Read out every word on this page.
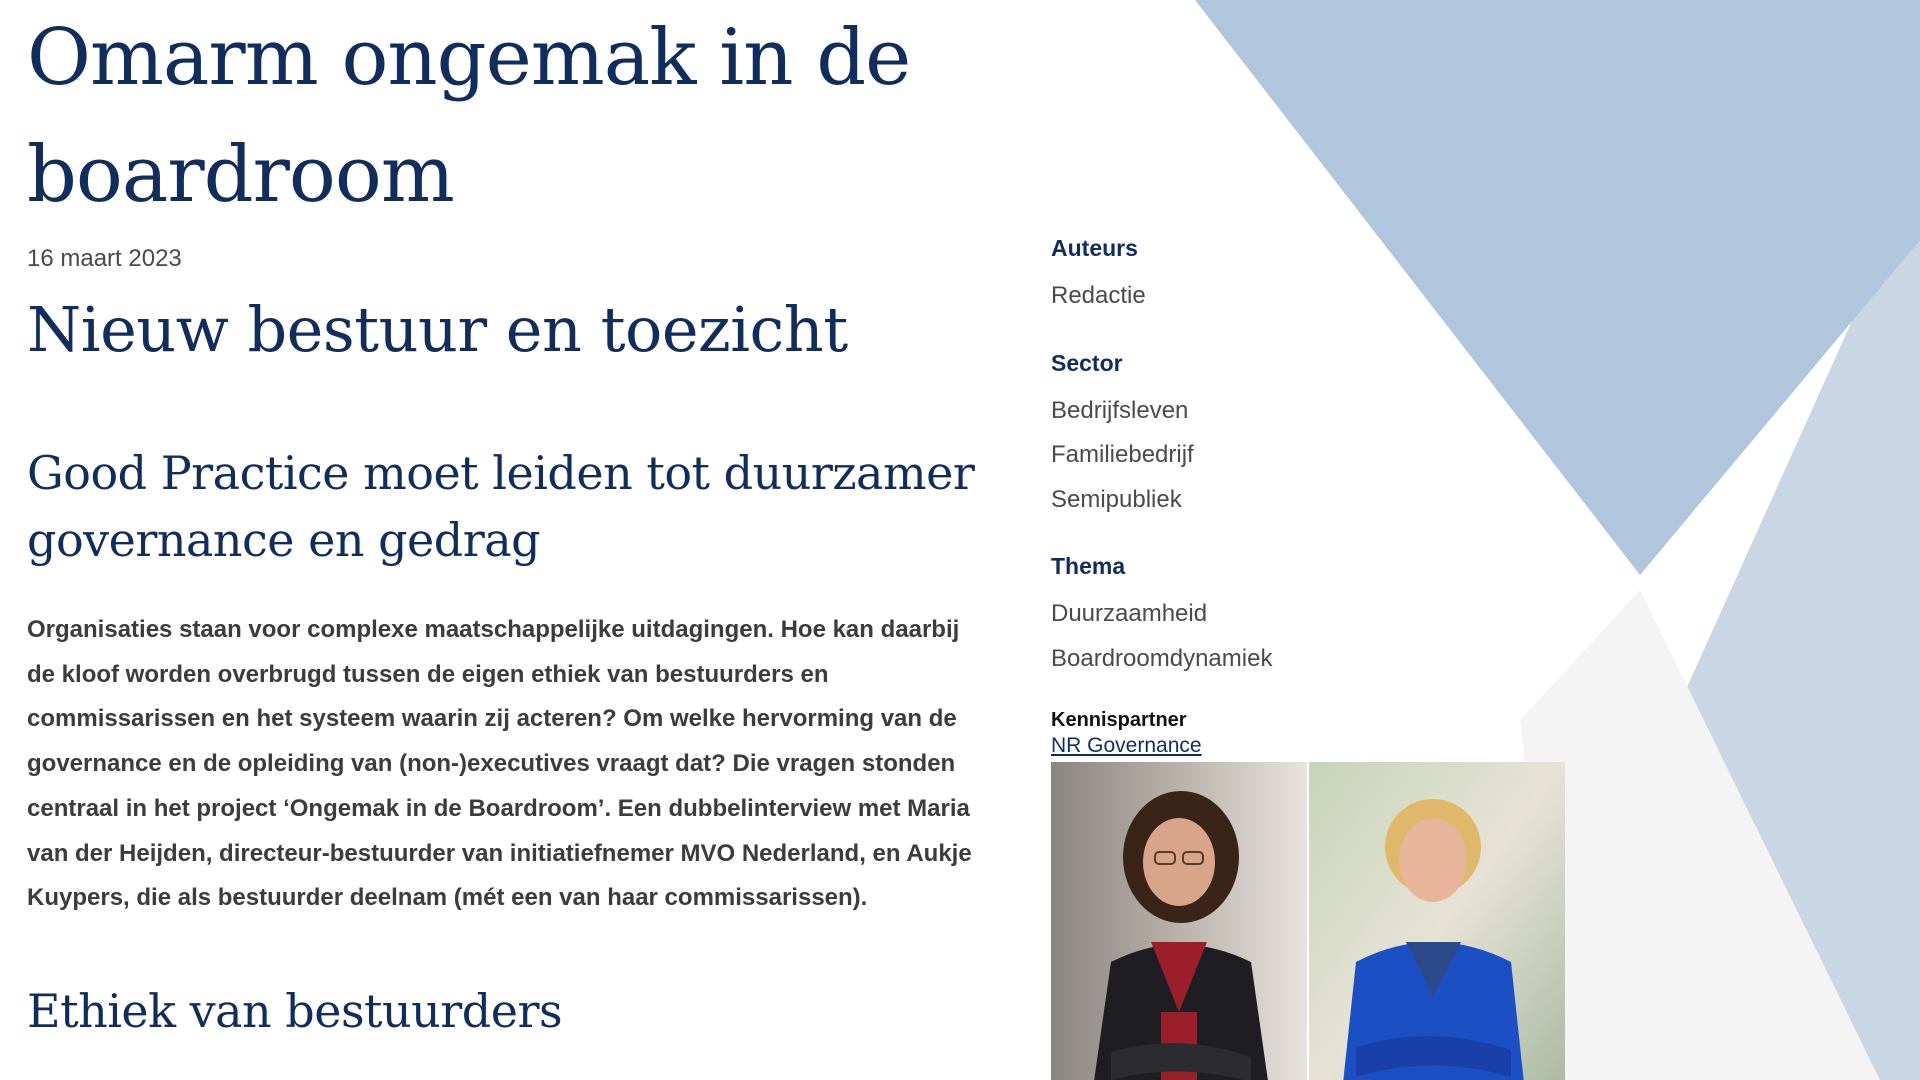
Omarm ongemak in de boardroom

16 maart 2023

Nieuw bestuur en toezicht
Good Practice moet leiden tot duurzamer governance en gedrag

Organisaties staan voor complexe maatschappelijke uitdagingen. Hoe kan daarbij de kloof worden overbrugd tussen de eigen ethiek van bestuurders en commissarissen en het systeem waarin zij acteren? Om welke hervorming van de governance en de opleiding van (non-)executives vraagt dat? Die vragen stonden centraal in het project ‘Ongemak in de Boardroom’. Een dubbelinterview met Maria van der Heijden, directeur-bestuurder van initiatiefnemer MVO Nederland, en Aukje Kuypers, die als bestuurder deelnam (mét een van haar commissarissen).

Ethiek van bestuurders

Auteurs

Redactie

Sector

Bedrijfsleven

Familiebedrijf

Semipubliek

Thema

Duurzaamheid

Boardroomdynamiek

Kennispartner

NR Governance
